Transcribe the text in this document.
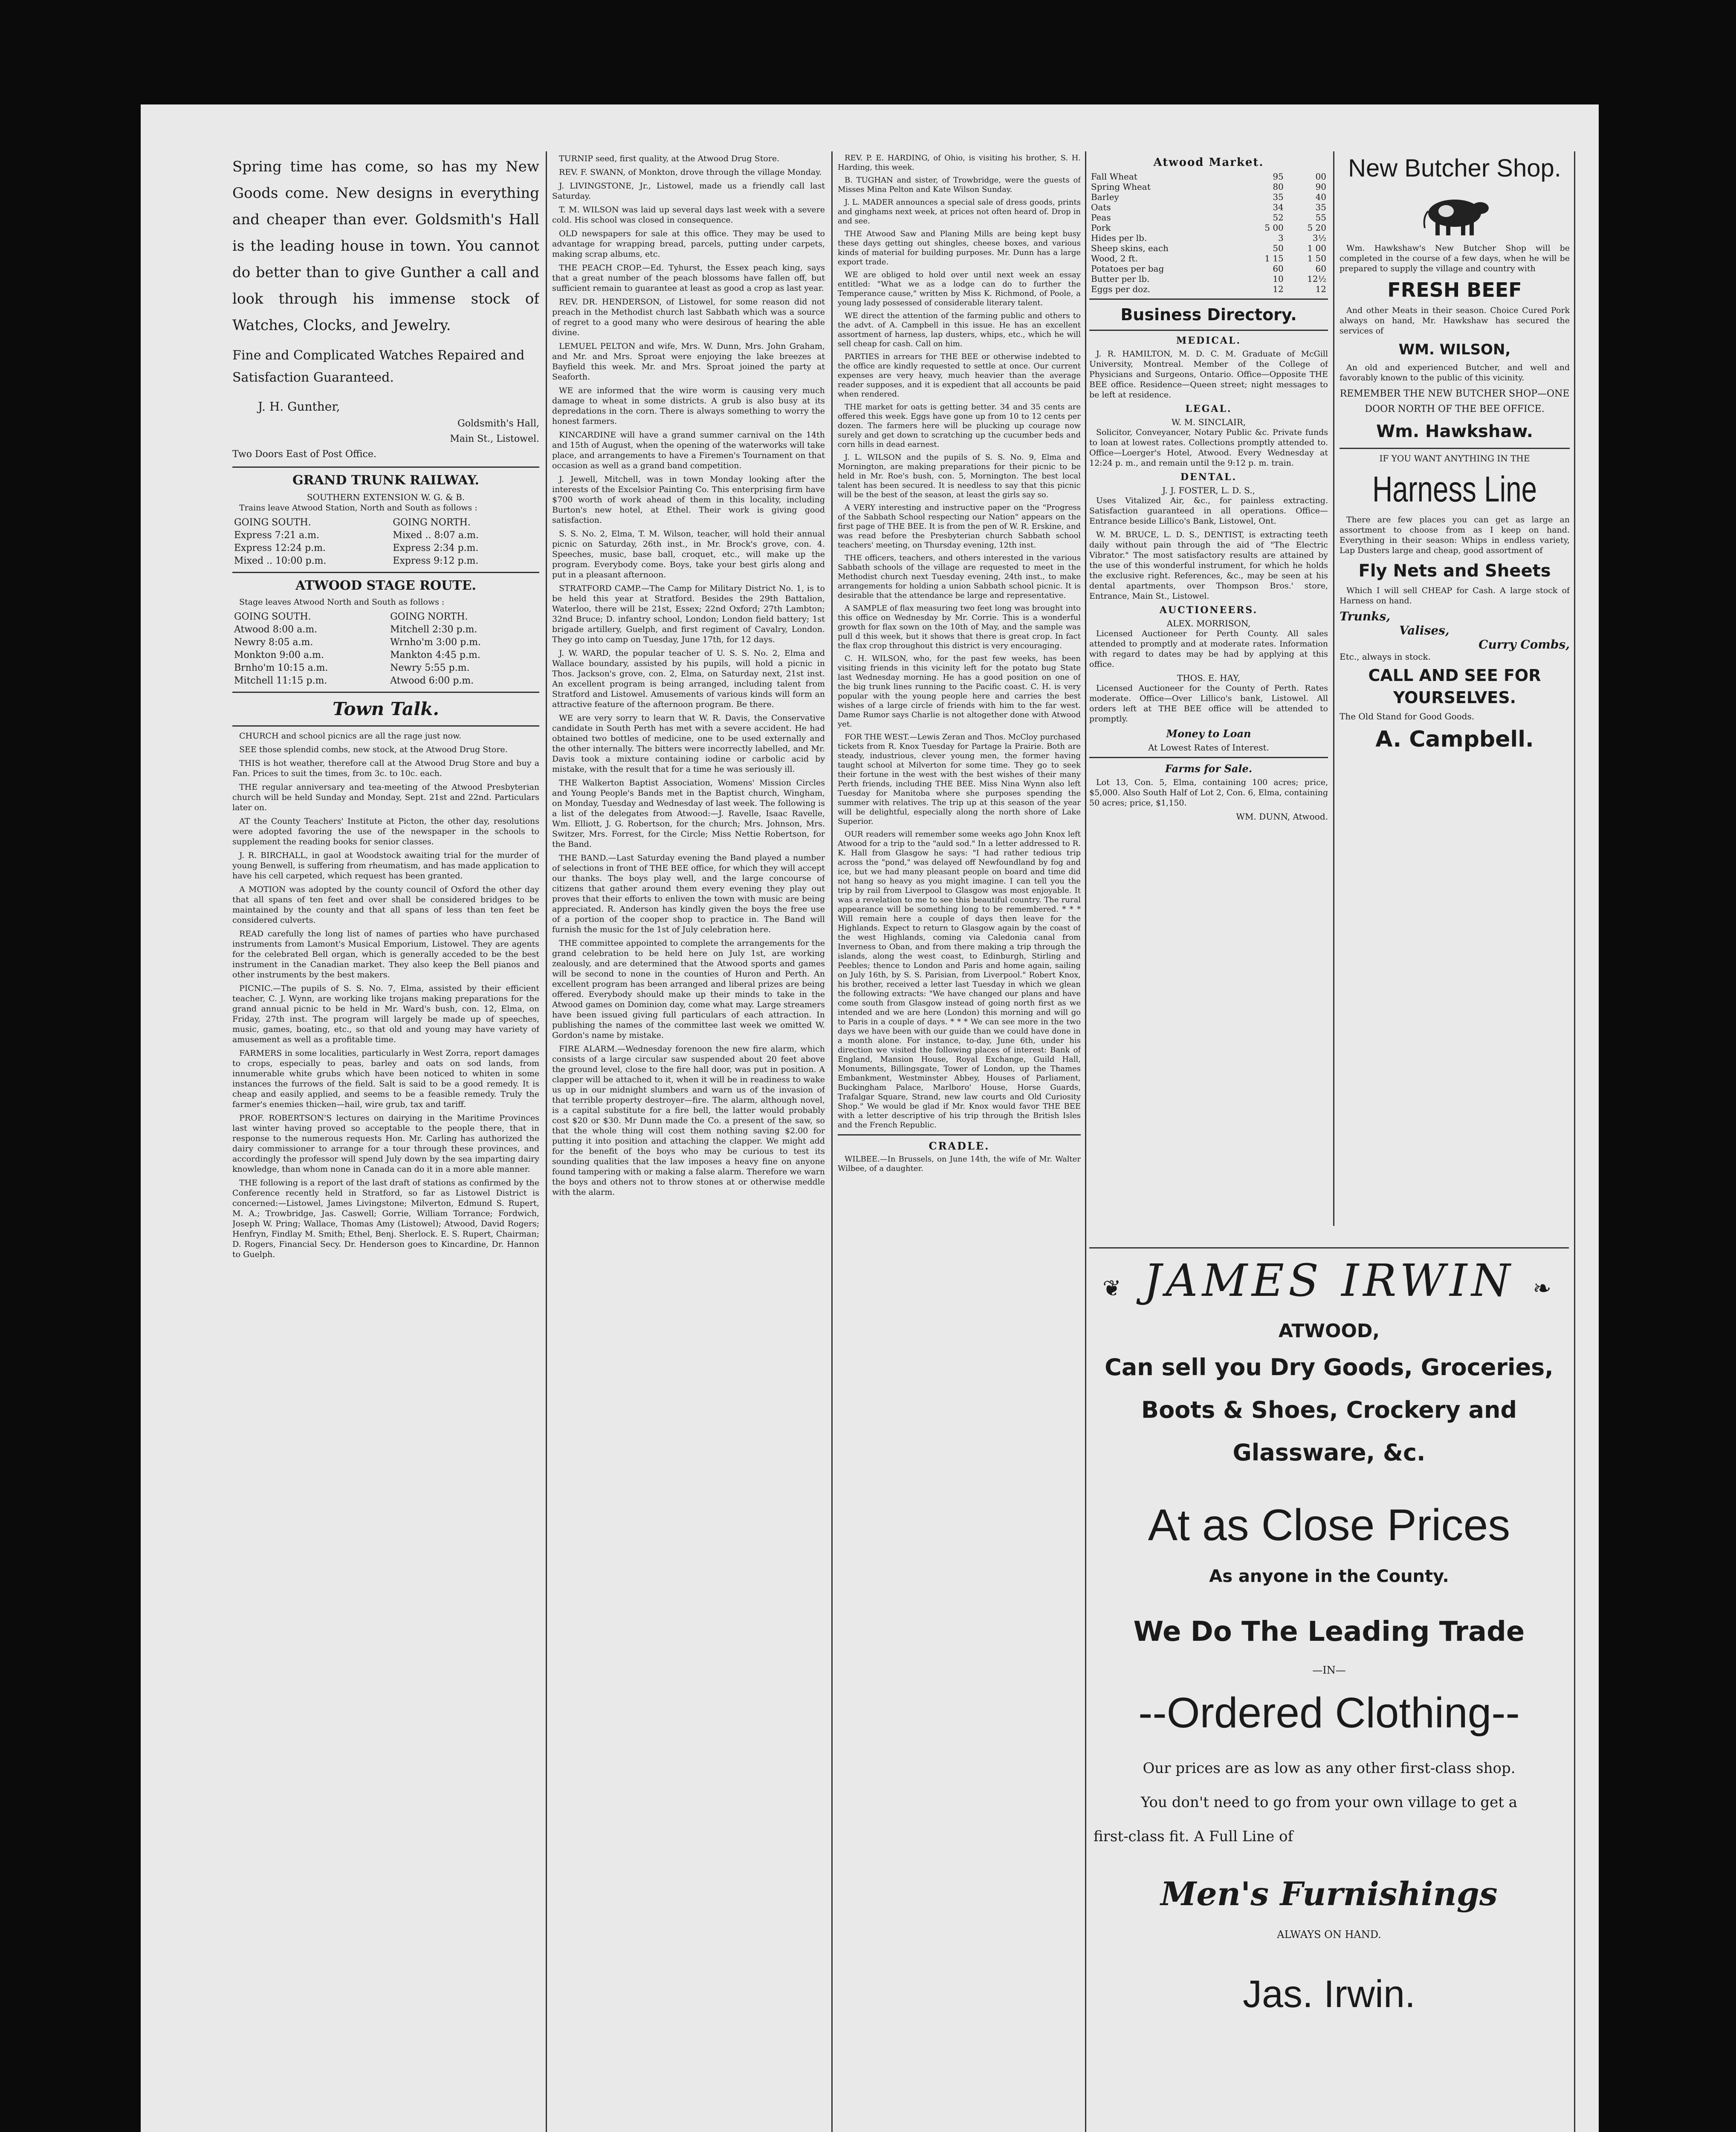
Spring time has come, so has my New Goods come. New designs in everything and cheaper than ever. Goldsmith's Hall is the leading house in town. You cannot do better than to give Gunther a call and look through his immense stock of Watches, Clocks, and Jewelry.

Fine and Complicated Watches Repaired and Satisfaction Guaranteed.

J. H. Gunther,
Goldsmith's Hall,
Main St., Listowel.
Two Doors East of Post Office.
GRAND TRUNK RAILWAY.
SOUTHERN EXTENSION W. G. & B.

Trains leave Atwood Station, North and South as follows :

GOING SOUTH.	GOING NORTH.
Express 7:21 a.m.	Mixed .. 8:07 a.m.
Express 12:24 p.m.	Express 2:34 p.m.
Mixed .. 10:00 p.m.	Express 9:12 p.m.
ATWOOD STAGE ROUTE.

Stage leaves Atwood North and South as follows :

GOING SOUTH.	GOING NORTH.
Atwood 8:00 a.m.	Mitchell 2:30 p.m.
Newry 8:05 a.m.	Wrnho'm 3:00 p.m.
Monkton 9:00 a.m.	Mankton 4:45 p.m.
Brnho'm 10:15 a.m.	Newry 5:55 p.m.
Mitchell 11:15 p.m.	Atwood 6:00 p.m.
Town Talk.

CHURCH and school picnics are all the rage just now.

SEE those splendid combs, new stock, at the Atwood Drug Store.

THIS is hot weather, therefore call at the Atwood Drug Store and buy a Fan. Prices to suit the times, from 3c. to 10c. each.

THE regular anniversary and tea-meeting of the Atwood Presbyterian church will be held Sunday and Monday, Sept. 21st and 22nd. Particulars later on.

AT the County Teachers' Institute at Picton, the other day, resolutions were adopted favoring the use of the newspaper in the schools to supplement the reading books for senior classes.

J. R. BIRCHALL, in gaol at Woodstock awaiting trial for the murder of young Benwell, is suffering from rheumatism, and has made application to have his cell carpeted, which request has been granted.

A MOTION was adopted by the county council of Oxford the other day that all spans of ten feet and over shall be considered bridges to be maintained by the county and that all spans of less than ten feet be considered culverts.

READ carefully the long list of names of parties who have purchased instruments from Lamont's Musical Emporium, Listowel. They are agents for the celebrated Bell organ, which is generally acceded to be the best instrument in the Canadian market. They also keep the Bell pianos and other instruments by the best makers.

PICNIC.—The pupils of S. S. No. 7, Elma, assisted by their efficient teacher, C. J. Wynn, are working like trojans making preparations for the grand annual picnic to be held in Mr. Ward's bush, con. 12, Elma, on Friday, 27th inst. The program will largely be made up of speeches, music, games, boating, etc., so that old and young may have variety of amusement as well as a profitable time.

FARMERS in some localities, particularly in West Zorra, report damages to crops, especially to peas, barley and oats on sod lands, from innumerable white grubs which have been noticed to whiten in some instances the furrows of the field. Salt is said to be a good remedy. It is cheap and easily applied, and seems to be a feasible remedy. Truly the farmer's enemies thicken—hail, wire grub, tax and tariff.

PROF. ROBERTSON'S lectures on dairying in the Maritime Provinces last winter having proved so acceptable to the people there, that in response to the numerous requests Hon. Mr. Carling has authorized the dairy commissioner to arrange for a tour through these provinces, and accordingly the professor will spend July down by the sea imparting dairy knowledge, than whom none in Canada can do it in a more able manner.

THE following is a report of the last draft of stations as confirmed by the Conference recently held in Stratford, so far as Listowel District is concerned:—Listowel, James Livingstone; Milverton, Edmund S. Rupert, M. A.; Trowbridge, Jas. Caswell; Gorrie, William Torrance; Fordwich, Joseph W. Pring; Wallace, Thomas Amy (Listowel); Atwood, David Rogers; Henfryn, Findlay M. Smith; Ethel, Benj. Sherlock. E. S. Rupert, Chairman; D. Rogers, Financial Secy. Dr. Henderson goes to Kincardine, Dr. Hannon to Guelph.

TURNIP seed, first quality, at the Atwood Drug Store.

REV. F. SWANN, of Monkton, drove through the village Monday.

J. LIVINGSTONE, Jr., Listowel, made us a friendly call last Saturday.

T. M. WILSON was laid up several days last week with a severe cold. His school was closed in consequence.

OLD newspapers for sale at this office. They may be used to advantage for wrapping bread, parcels, putting under carpets, making scrap albums, etc.

THE PEACH CROP.—Ed. Tyhurst, the Essex peach king, says that a great number of the peach blossoms have fallen off, but sufficient remain to guarantee at least as good a crop as last year.

REV. DR. HENDERSON, of Listowel, for some reason did not preach in the Methodist church last Sabbath which was a source of regret to a good many who were desirous of hearing the able divine.

LEMUEL PELTON and wife, Mrs. W. Dunn, Mrs. John Graham, and Mr. and Mrs. Sproat were enjoying the lake breezes at Bayfield this week. Mr. and Mrs. Sproat joined the party at Seaforth.

WE are informed that the wire worm is causing very much damage to wheat in some districts. A grub is also busy at its depredations in the corn. There is always something to worry the honest farmers.

KINCARDINE will have a grand summer carnival on the 14th and 15th of August, when the opening of the waterworks will take place, and arrangements to have a Firemen's Tournament on that occasion as well as a grand band competition.

J. Jewell, Mitchell, was in town Monday looking after the interests of the Excelsior Painting Co. This enterprising firm have $700 worth of work ahead of them in this locality, including Burton's new hotel, at Ethel. Their work is giving good satisfaction.

S. S. No. 2, Elma, T. M. Wilson, teacher, will hold their annual picnic on Saturday, 26th inst., in Mr. Brock's grove, con. 4. Speeches, music, base ball, croquet, etc., will make up the program. Everybody come. Boys, take your best girls along and put in a pleasant afternoon.

STRATFORD CAMP.—The Camp for Military District No. 1, is to be held this year at Stratford. Besides the 29th Battalion, Waterloo, there will be 21st, Essex; 22nd Oxford; 27th Lambton; 32nd Bruce; D. infantry school, London; London field battery; 1st brigade artillery, Guelph, and first regiment of Cavalry, London. They go into camp on Tuesday, June 17th, for 12 days.

J. W. WARD, the popular teacher of U. S. S. No. 2, Elma and Wallace boundary, assisted by his pupils, will hold a picnic in Thos. Jackson's grove, con. 2, Elma, on Saturday next, 21st inst. An excellent program is being arranged, including talent from Stratford and Listowel. Amusements of various kinds will form an attractive feature of the afternoon program. Be there.

WE are very sorry to learn that W. R. Davis, the Conservative candidate in South Perth has met with a severe accident. He had obtained two bottles of medicine, one to be used externally and the other internally. The bitters were incorrectly labelled, and Mr. Davis took a mixture containing iodine or carbolic acid by mistake, with the result that for a time he was seriously ill.

THE Walkerton Baptist Association, Womens' Mission Circles and Young People's Bands met in the Baptist church, Wingham, on Monday, Tuesday and Wednesday of last week. The following is a list of the delegates from Atwood:—J. Ravelle, Isaac Ravelle, Wm. Elliott, J. G. Robertson, for the church; Mrs. Johnson, Mrs. Switzer, Mrs. Forrest, for the Circle; Miss Nettie Robertson, for the Band.

THE BAND.—Last Saturday evening the Band played a number of selections in front of THE BEE office, for which they will accept our thanks. The boys play well, and the large concourse of citizens that gather around them every evening they play out proves that their efforts to enliven the town with music are being appreciated. R. Anderson has kindly given the boys the free use of a portion of the cooper shop to practice in. The Band will furnish the music for the 1st of July celebration here.

THE committee appointed to complete the arrangements for the grand celebration to be held here on July 1st, are working zealously, and are determined that the Atwood sports and games will be second to none in the counties of Huron and Perth. An excellent program has been arranged and liberal prizes are being offered. Everybody should make up their minds to take in the Atwood games on Dominion day, come what may. Large streamers have been issued giving full particulars of each attraction. In publishing the names of the committee last week we omitted W. Gordon's name by mistake.

FIRE ALARM.—Wednesday forenoon the new fire alarm, which consists of a large circular saw suspended about 20 feet above the ground level, close to the fire hall door, was put in position. A clapper will be attached to it, when it will be in readiness to wake us up in our midnight slumbers and warn us of the invasion of that terrible property destroyer—fire. The alarm, although novel, is a capital substitute for a fire bell, the latter would probably cost $20 or $30. Mr Dunn made the Co. a present of the saw, so that the whole thing will cost them nothing saving $2.00 for putting it into position and attaching the clapper. We might add for the benefit of the boys who may be curious to test its sounding qualities that the law imposes a heavy fine on anyone found tampering with or making a false alarm. Therefore we warn the boys and others not to throw stones at or otherwise meddle with the alarm.

REV. P. E. HARDING, of Ohio, is visiting his brother, S. H. Harding, this week.

B. TUGHAN and sister, of Trowbridge, were the guests of Misses Mina Pelton and Kate Wilson Sunday.

J. L. MADER announces a special sale of dress goods, prints and ginghams next week, at prices not often heard of. Drop in and see.

THE Atwood Saw and Planing Mills are being kept busy these days getting out shingles, cheese boxes, and various kinds of material for building purposes. Mr. Dunn has a large export trade.

WE are obliged to hold over until next week an essay entitled: "What we as a lodge can do to further the Temperance cause," written by Miss K. Richmond, of Poole, a young lady possessed of considerable literary talent.

WE direct the attention of the farming public and others to the advt. of A. Campbell in this issue. He has an excellent assortment of harness, lap dusters, whips, etc., which he will sell cheap for cash. Call on him.

PARTIES in arrears for THE BEE or otherwise indebted to the office are kindly requested to settle at once. Our current expenses are very heavy, much heavier than the average reader supposes, and it is expedient that all accounts be paid when rendered.

THE market for oats is getting better. 34 and 35 cents are offered this week. Eggs have gone up from 10 to 12 cents per dozen. The farmers here will be plucking up courage now surely and get down to scratching up the cucumber beds and corn hills in dead earnest.

J. L. WILSON and the pupils of S. S. No. 9, Elma and Mornington, are making preparations for their picnic to be held in Mr. Roe's bush, con. 5, Mornington. The best local talent has been secured. It is needless to say that this picnic will be the best of the season, at least the girls say so.

A VERY interesting and instructive paper on the "Progress of the Sabbath School respecting our Nation" appears on the first page of THE BEE. It is from the pen of W. R. Erskine, and was read before the Presbyterian church Sabbath school teachers' meeting, on Thursday evening, 12th inst.

THE officers, teachers, and others interested in the various Sabbath schools of the village are requested to meet in the Methodist church next Tuesday evening, 24th inst., to make arrangements for holding a union Sabbath school picnic. It is desirable that the attendance be large and representative.

A SAMPLE of flax measuring two feet long was brought into this office on Wednesday by Mr. Corrie. This is a wonderful growth for flax sown on the 10th of May, and the sample was pull d this week, but it shows that there is great crop. In fact the flax crop throughout this district is very encouraging.

C. H. WILSON, who, for the past few weeks, has been visiting friends in this vicinity left for the potato bug State last Wednesday morning. He has a good position on one of the big trunk lines running to the Pacific coast. C. H. is very popular with the young people here and carries the best wishes of a large circle of friends with him to the far west. Dame Rumor says Charlie is not altogether done with Atwood yet.

FOR THE WEST.—Lewis Zeran and Thos. McCloy purchased tickets from R. Knox Tuesday for Partage la Prairie. Both are steady, industrious, clever young men, the former having taught school at Milverton for some time. They go to seek their fortune in the west with the best wishes of their many Perth friends, including THE BEE. Miss Nina Wynn also left Tuesday for Manitoba where she purposes spending the summer with relatives. The trip up at this season of the year will be delightful, especially along the north shore of Lake Superior.

OUR readers will remember some weeks ago John Knox left Atwood for a trip to the "auld sod." In a letter addressed to R. K. Hall from Glasgow he says: "I had rather tedious trip across the "pond," was delayed off Newfoundland by fog and ice, but we had many pleasant people on board and time did not hang so heavy as you might imagine. I can tell you the trip by rail from Liverpool to Glasgow was most enjoyable. It was a revelation to me to see this beautiful country. The rural appearance will be something long to be remembered. * * * Will remain here a couple of days then leave for the Highlands. Expect to return to Glasgow again by the coast of the west Highlands, coming via Caledonia canal from Inverness to Oban, and from there making a trip through the islands, along the west coast, to Edinburgh, Stirling and Peebles; thence to London and Paris and home again, sailing on July 16th, by S. S. Parisian, from Liverpool." Robert Knox, his brother, received a letter last Tuesday in which we glean the following extracts: "We have changed our plans and have come south from Glasgow instead of going north first as we intended and we are here (London) this morning and will go to Paris in a couple of days. * * * We can see more in the two days we have been with our guide than we could have done in a month alone. For instance, to-day, June 6th, under his direction we visited the following places of interest: Bank of England, Mansion House, Royal Exchange, Guild Hall, Monuments, Billingsgate, Tower of London, up the Thames Embankment, Westminster Abbey, Houses of Parliament, Buckingham Palace, Marlboro' House, Horse Guards, Trafalgar Square, Strand, new law courts and Old Curiosity Shop." We would be glad if Mr. Knox would favor THE BEE with a letter descriptive of his trip through the British Isles and the French Republic.

CRADLE.

WILBEE.—In Brussels, on June 14th, the wife of Mr. Walter Wilbee, of a daughter.

Atwood Market.
Fall Wheat	95	00
Spring Wheat	80	90
Barley	35	40
Oats	34	35
Peas	52	55
Pork	5 00	5 20
Hides per lb.	3	3½
Sheep skins, each	50	1 00
Wood, 2 ft.	1 15	1 50
Potatoes per bag	60	60
Butter per lb.	10	12½
Eggs per doz.	12	12
Business Directory.
MEDICAL.

J. R. HAMILTON, M. D. C. M. Graduate of McGill University, Montreal. Member of the College of Physicians and Surgeons, Ontario. Office—Opposite THE BEE office. Residence—Queen street; night messages to be left at residence.

LEGAL.
W. M. SINCLAIR,

Solicitor, Conveyancer, Notary Public &c. Private funds to loan at lowest rates. Collections promptly attended to. Office—Loerger's Hotel, Atwood. Every Wednesday at 12:24 p. m., and remain until the 9:12 p. m. train.

DENTAL.
J. J. FOSTER, L. D. S.,

Uses Vitalized Air, &c., for painless extracting. Satisfaction guaranteed in all operations. Office—Entrance beside Lillico's Bank, Listowel, Ont.

W. M. BRUCE, L. D. S., DENTIST, is extracting teeth daily without pain through the aid of "The Electric Vibrator." The most satisfactory results are attained by the use of this wonderful instrument, for which he holds the exclusive right. References, &c., may be seen at his dental apartments, over Thompson Bros.' store, Entrance, Main St., Listowel.

AUCTIONEERS.
ALEX. MORRISON,

Licensed Auctioneer for Perth County. All sales attended to promptly and at moderate rates. Information with regard to dates may be had by applying at this office.

THOS. E. HAY,

Licensed Auctioneer for the County of Perth. Rates moderate. Office—Over Lillico's bank, Listowel. All orders left at THE BEE office will be attended to promptly.

Money to Loan
At Lowest Rates of Interest.
Farms for Sale.

Lot 13, Con. 5, Elma, containing 100 acres; price, $5,000. Also South Half of Lot 2, Con. 6, Elma, containing 50 acres; price, $1,150.

WM. DUNN, Atwood.
New Butcher Shop.

Wm. Hawkshaw's New Butcher Shop will be completed in the course of a few days, when he will be prepared to supply the village and country with

FRESH BEEF

And other Meats in their season. Choice Cured Pork always on hand, Mr. Hawkshaw has secured the services of

WM. WILSON,

An old and experienced Butcher, and well and favorably known to the public of this vicinity.

REMEMBER THE NEW BUTCHER SHOP—ONE DOOR NORTH OF THE BEE OFFICE.
Wm. Hawkshaw.
IF YOU WANT ANYTHING IN THE
Harness Line

There are few places you can get as large an assortment to choose from as I keep on hand. Everything in their season: Whips in endless variety, Lap Dusters large and cheap, good assortment of

Fly Nets and Sheets

Which I will sell CHEAP for Cash. A large stock of Harness on hand.

Trunks,
Valises,
Curry Combs,
Etc., always in stock.
CALL AND SEE FOR YOURSELVES.
The Old Stand for Good Goods.
A. Campbell.
❦ JAMES IRWIN ❧
ATWOOD,
Can sell you Dry Goods, Groceries,
Boots & Shoes, Crockery and
Glassware, &c.
At as Close Prices
As anyone in the County.
We Do The Leading Trade
—IN—
--Ordered Clothing--
Our prices are as low as any other first-class shop.
You don't need to go from your own village to get a
first-class fit. A Full Line of
Men's Furnishings
ALWAYS ON HAND.
Jas. Irwin.
